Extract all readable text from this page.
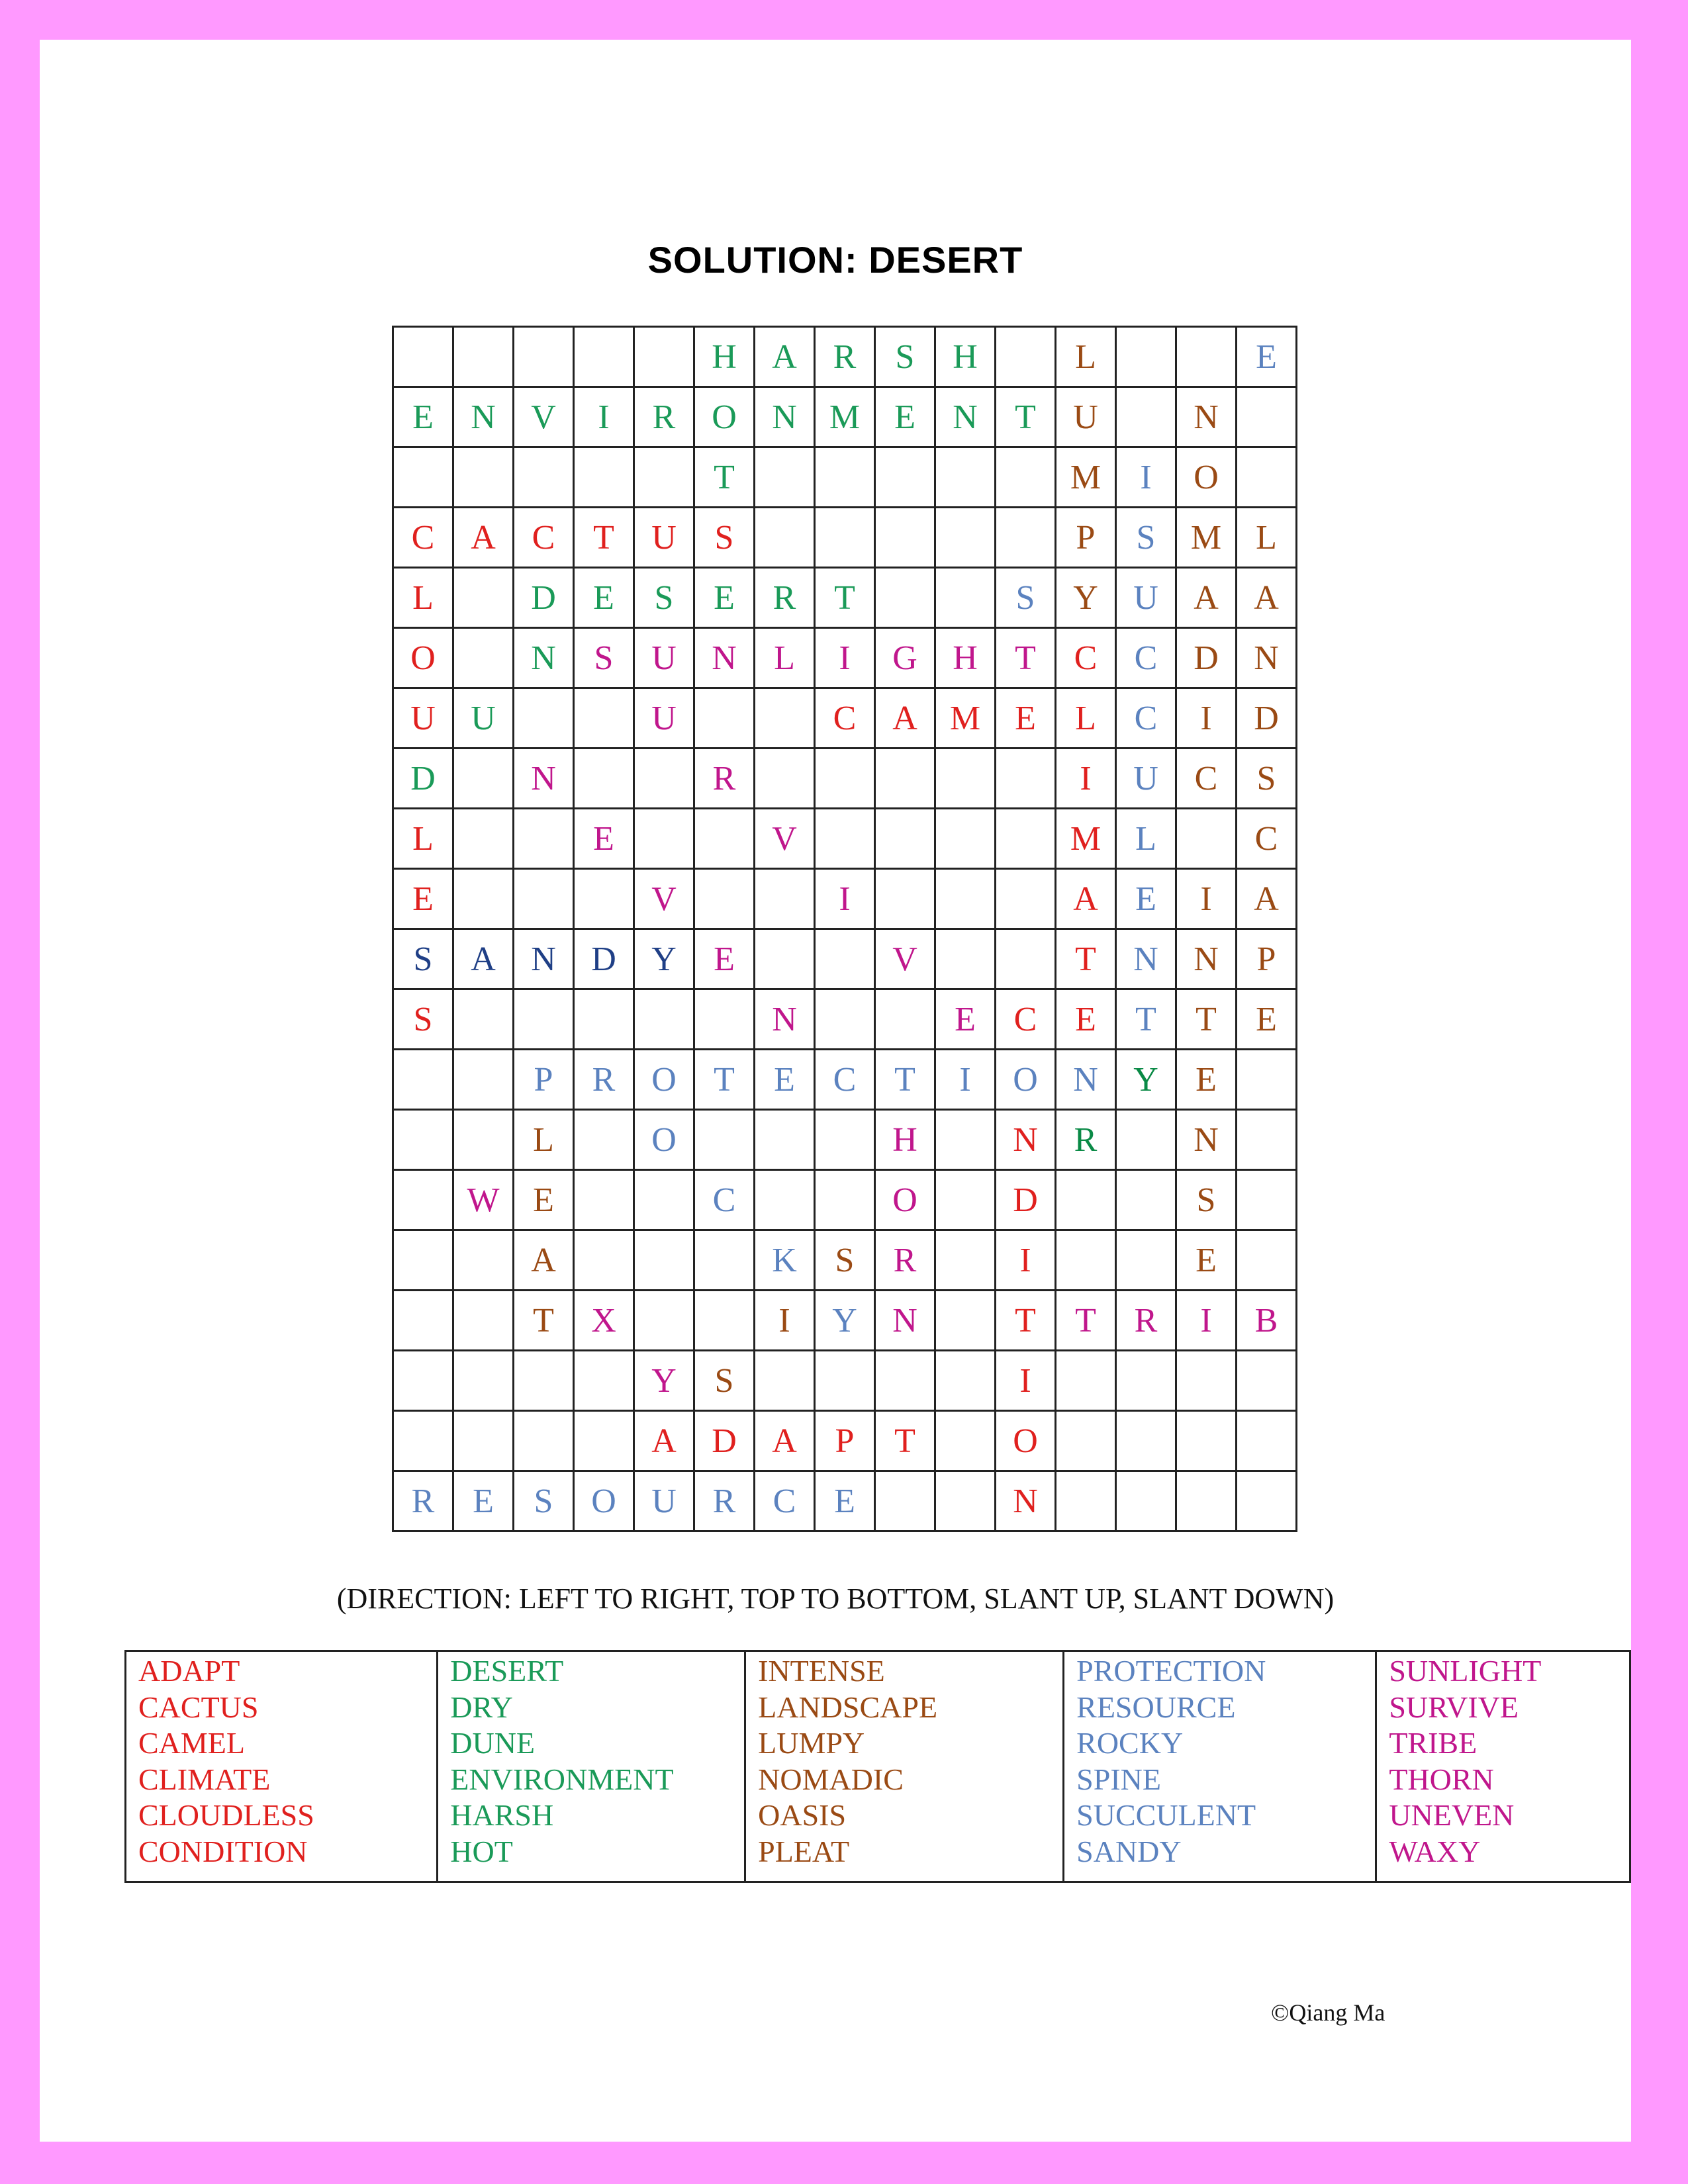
SOLUTION: DESERT
					H	A	R	S	H		L			E
E	N	V	I	R	O	N	M	E	N	T	U		N	
					T						M	I	O	
C	A	C	T	U	S						P	S	M	L
L		D	E	S	E	R	T			S	Y	U	A	A
O		N	S	U	N	L	I	G	H	T	C	C	D	N
U	U			U			C	A	M	E	L	C	I	D
D		N			R						I	U	C	S
L			E			V					M	L		C
E				V			I				A	E	I	A
S	A	N	D	Y	E			V			T	N	N	P
S						N			E	C	E	T	T	E
		P	R	O	T	E	C	T	I	O	N	Y	E	
		L		O				H		N	R		N	
	W	E			C			O		D			S	
		A				K	S	R		I			E	
		T	X			I	Y	N		T	T	R	I	B
				Y	S					I				
				A	D	A	P	T		O				
R	E	S	O	U	R	C	E			N				
(DIRECTION: LEFT TO RIGHT, TOP TO BOTTOM, SLANT UP, SLANT DOWN)
ADAPT
CACTUS
CAMEL
CLIMATE
CLOUDLESS
CONDITION

DESERT
DRY
DUNE
ENVIRONMENT
HARSH
HOT

INTENSE
LANDSCAPE
LUMPY
NOMADIC
OASIS
PLEAT

PROTECTION
RESOURCE
ROCKY
SPINE
SUCCULENT
SANDY

SUNLIGHT
SURVIVE
TRIBE
THORN
UNEVEN
WAXY
©Qiang Ma
